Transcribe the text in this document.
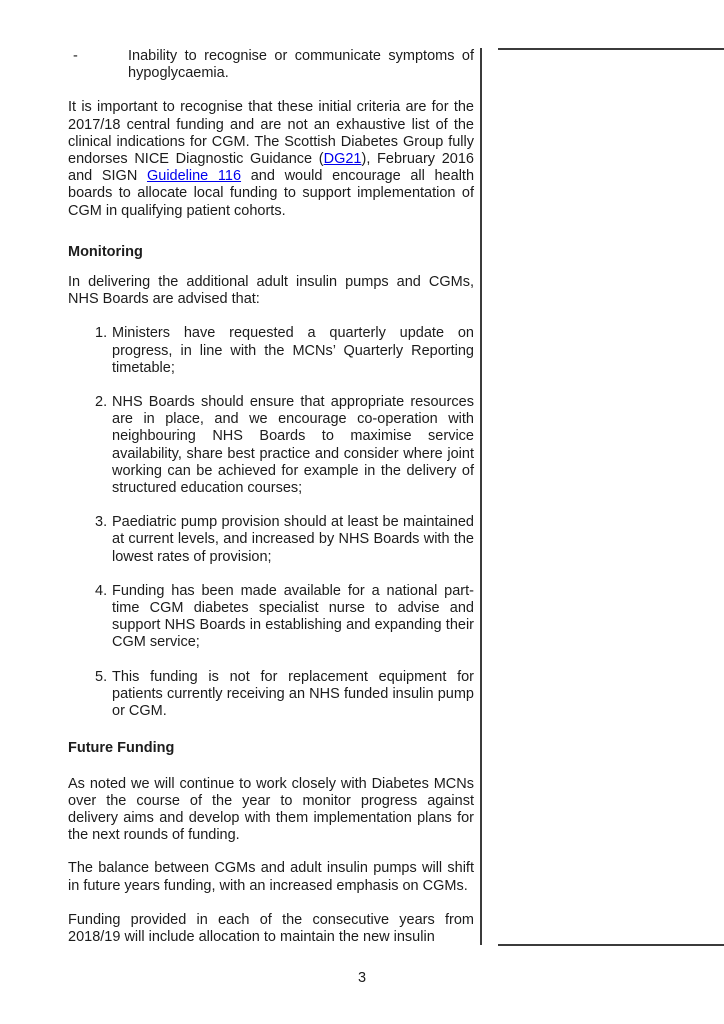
-	Inability to recognise or communicate symptoms of hypoglycaemia.

It is important to recognise that these initial criteria are for the 2017/18 central funding and are not an exhaustive list of the clinical indications for CGM. The Scottish Diabetes Group fully endorses NICE Diagnostic Guidance (DG21), February 2016 and SIGN Guideline 116 and would encourage all health boards to allocate local funding to support implementation of CGM in qualifying patient cohorts.

Monitoring

In delivering the additional adult insulin pumps and CGMs, NHS Boards are advised that:

1. Ministers have requested a quarterly update on progress, in line with the MCNs’ Quarterly Reporting timetable;
2. NHS Boards should ensure that appropriate resources are in place, and we encourage co-operation with neighbouring NHS Boards to maximise service availability, share best practice and consider where joint working can be achieved for example in the delivery of structured education courses;
3. Paediatric pump provision should at least be maintained at current levels, and increased by NHS Boards with the lowest rates of provision;
4. Funding has been made available for a national part-time CGM diabetes specialist nurse to advise and support NHS Boards in establishing and expanding their CGM service;
5. This funding is not for replacement equipment for patients currently receiving an NHS funded insulin pump or CGM.
Future Funding

As noted we will continue to work closely with Diabetes MCNs over the course of the year to monitor progress against delivery aims and develop with them implementation plans for the next rounds of funding.

The balance between CGMs and adult insulin pumps will shift in future years funding, with an increased emphasis on CGMs.

Funding provided in each of the consecutive years from 2018/19 will include allocation to maintain the new insulin

3
